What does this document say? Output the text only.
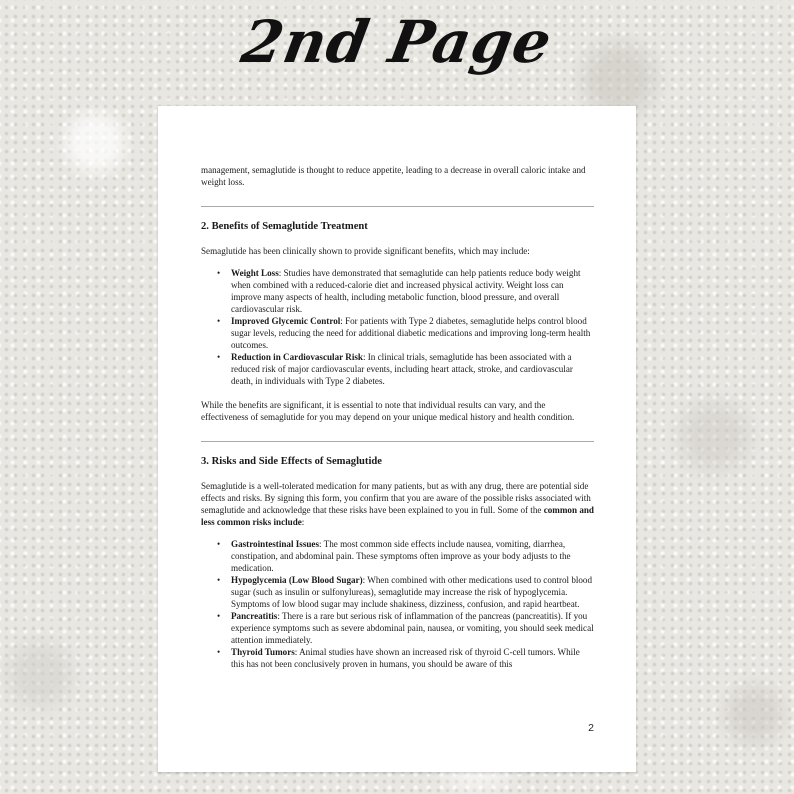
2nd Page

management, semaglutide is thought to reduce appetite, leading to a decrease in overall caloric intake and weight loss.

2. Benefits of Semaglutide Treatment

Semaglutide has been clinically shown to provide significant benefits, which may include:

• Weight Loss: Studies have demonstrated that semaglutide can help patients reduce body weight when combined with a reduced-calorie diet and increased physical activity. Weight loss can improve many aspects of health, including metabolic function, blood pressure, and overall cardiovascular risk.
• Improved Glycemic Control: For patients with Type 2 diabetes, semaglutide helps control blood sugar levels, reducing the need for additional diabetic medications and improving long-term health outcomes.
• Reduction in Cardiovascular Risk: In clinical trials, semaglutide has been associated with a reduced risk of major cardiovascular events, including heart attack, stroke, and cardiovascular death, in individuals with Type 2 diabetes.

While the benefits are significant, it is essential to note that individual results can vary, and the effectiveness of semaglutide for you may depend on your unique medical history and health condition.

3. Risks and Side Effects of Semaglutide

Semaglutide is a well-tolerated medication for many patients, but as with any drug, there are potential side effects and risks. By signing this form, you confirm that you are aware of the possible risks associated with semaglutide and acknowledge that these risks have been explained to you in full. Some of the common and less common risks include:

• Gastrointestinal Issues: The most common side effects include nausea, vomiting, diarrhea, constipation, and abdominal pain. These symptoms often improve as your body adjusts to the medication.
• Hypoglycemia (Low Blood Sugar): When combined with other medications used to control blood sugar (such as insulin or sulfonylureas), semaglutide may increase the risk of hypoglycemia. Symptoms of low blood sugar may include shakiness, dizziness, confusion, and rapid heartbeat.
• Pancreatitis: There is a rare but serious risk of inflammation of the pancreas (pancreatitis). If you experience symptoms such as severe abdominal pain, nausea, or vomiting, you should seek medical attention immediately.
• Thyroid Tumors: Animal studies have shown an increased risk of thyroid C-cell tumors. While this has not been conclusively proven in humans, you should be aware of this
2
